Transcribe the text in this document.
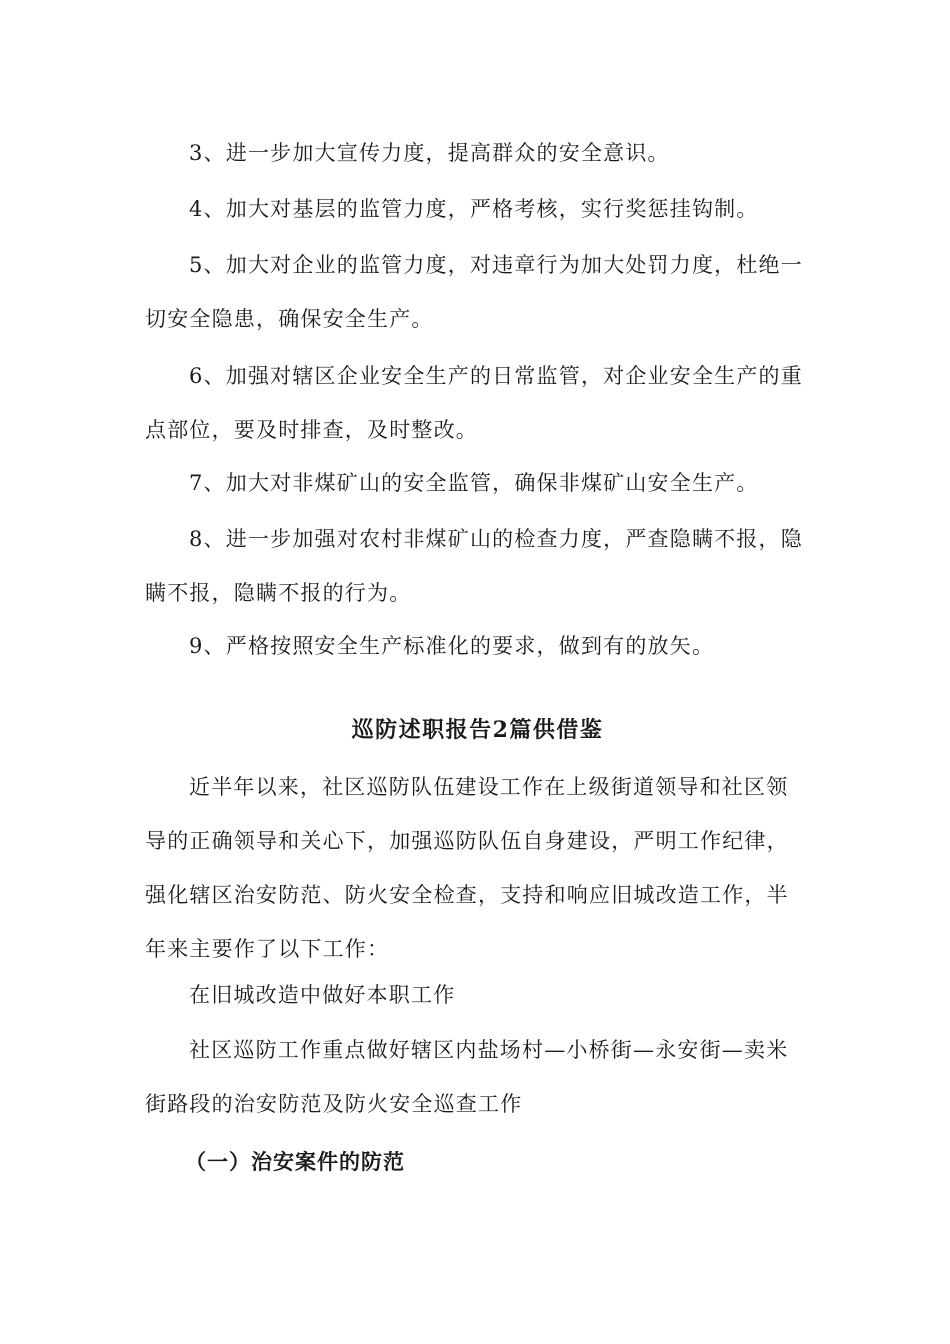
3、进一步加大宣传力度，提高群众的安全意识。

4、加大对基层的监管力度，严格考核，实行奖惩挂钩制。

5、加大对企业的监管力度，对违章行为加大处罚力度，杜绝一切安全隐患，确保安全生产。

6、加强对辖区企业安全生产的日常监管，对企业安全生产的重点部位，要及时排查，及时整改。

7、加大对非煤矿山的安全监管，确保非煤矿山安全生产。

8、进一步加强对农村非煤矿山的检查力度，严查隐瞒不报，隐瞒不报，隐瞒不报的行为。

9、严格按照安全生产标准化的要求，做到有的放矢。

巡防述职报告2篇供借鉴

近半年以来，社区巡防队伍建设工作在上级街道领导和社区领导的正确领导和关心下，加强巡防队伍自身建设，严明工作纪律，强化辖区治安防范、防火安全检查，支持和响应旧城改造工作，半年来主要作了以下工作：

在旧城改造中做好本职工作

社区巡防工作重点做好辖区内盐场村—小桥街—永安街—卖米街路段的治安防范及防火安全巡查工作

（一）治安案件的防范
